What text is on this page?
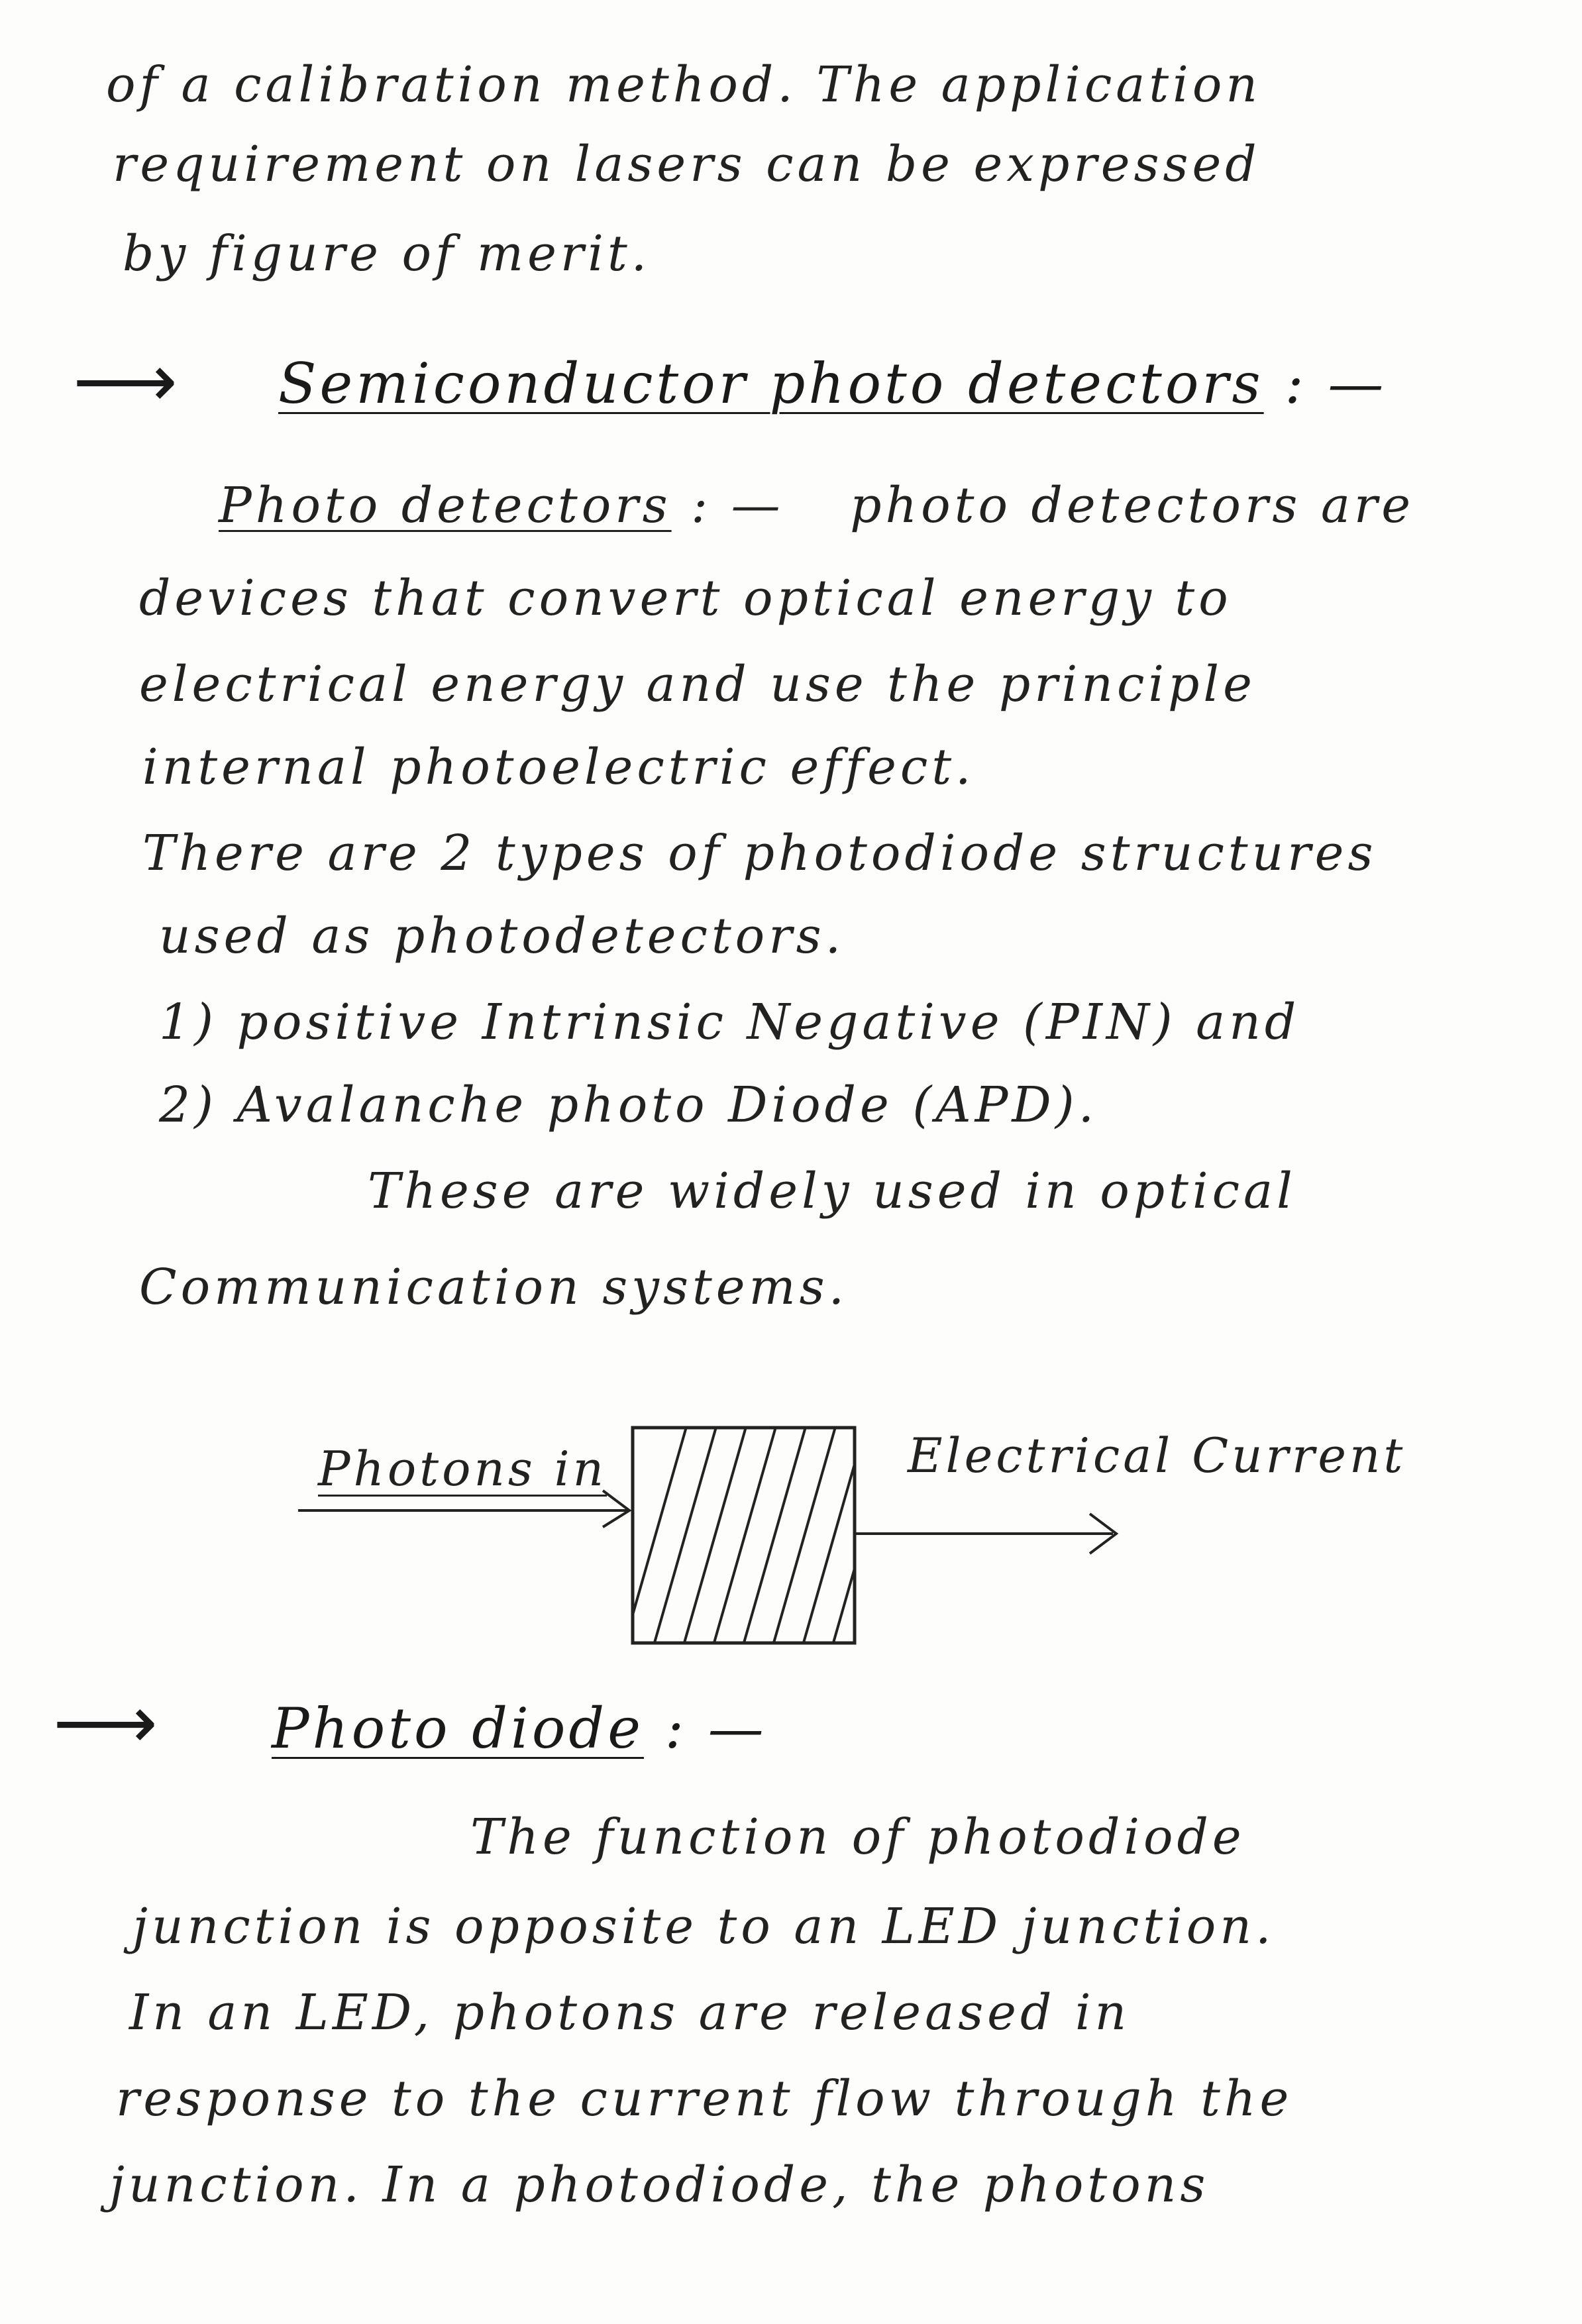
of a calibration method. The application
requirement on lasers can be expressed
by figure of merit.
⟶ Semiconductor photo detectors : —
Photo detectors : — photo detectors are
devices that convert optical energy to
electrical energy and use the principle
internal photoelectric effect.
There are 2 types of photodiode structures
used as photodetectors.
1) positive Intrinsic Negative (PIN) and
2) Avalanche photo Diode (APD).
These are widely used in optical
Communication systems.
Photons in	Electrical Current
⟶ Photo diode : —
The function of photodiode
junction is opposite to an LED junction.
In an LED, photons are released in
response to the current flow through the
junction. In a photodiode, the photons
